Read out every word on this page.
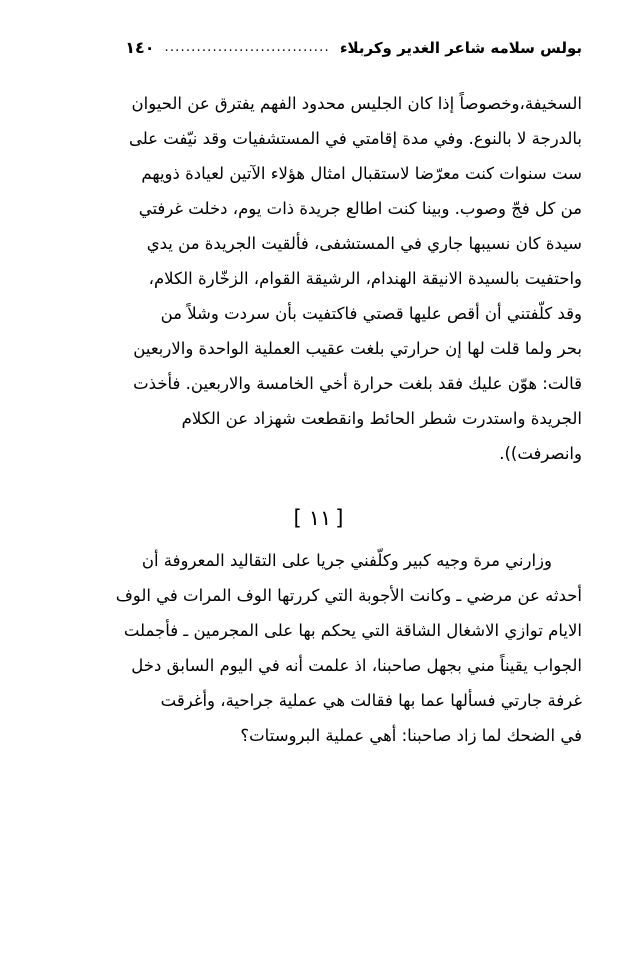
بولس سلامه شاعر الغدير وكربلاء
...............................
١٤٠

السخيفة،وخصوصاً إذا كان الجليس محدود الفهم يفترق عن الحيوان

بالدرجة لا بالنوع. وفي مدة إقامتي في المستشفيات وقد نيّفت على

ست سنوات كنت معرّضا لاستقبال امثال هؤلاء الآتين لعيادة ذويهم

من كل فجّ وصوب. وبينا كنت اطالع جريدة ذات يوم، دخلت غرفتي

سيدة كان نسيبها جاري في المستشفى، فألقيت الجريدة من يدي

واحتفيت بالسيدة الانيقة الهندام، الرشيقة القوام، الزخّارة الكلام،

وقد كلّفتني أن أقص عليها قصتي فاكتفيت بأن سردت وشلاً من

بحر ولما قلت لها إن حرارتي بلغت عقيب العملية الواحدة والاربعين

قالت: هوّن عليك فقد بلغت حرارة أخي الخامسة والاربعين. فأخذت

الجريدة واستدرت شطر الحائط وانقطعت شهزاد عن الكلام

وانصرفت)).

[١١]

وزارني مرة وجيه كبير وكلّفني جريا على التقاليد المعروفة أن

أحدثه عن مرضي ـ وكانت الأجوبة التي كررتها الوف المرات في الوف

الايام توازي الاشغال الشاقة التي يحكم بها على المجرمين ـ فأجملت

الجواب يقيناً مني بجهل صاحبنا، اذ علمت أنه في اليوم السابق دخل

غرفة جارتي فسألها عما بها فقالت هي عملية جراحية، وأغرقت

في الضحك لما زاد صاحبنا: أهي عملية البروستات؟
